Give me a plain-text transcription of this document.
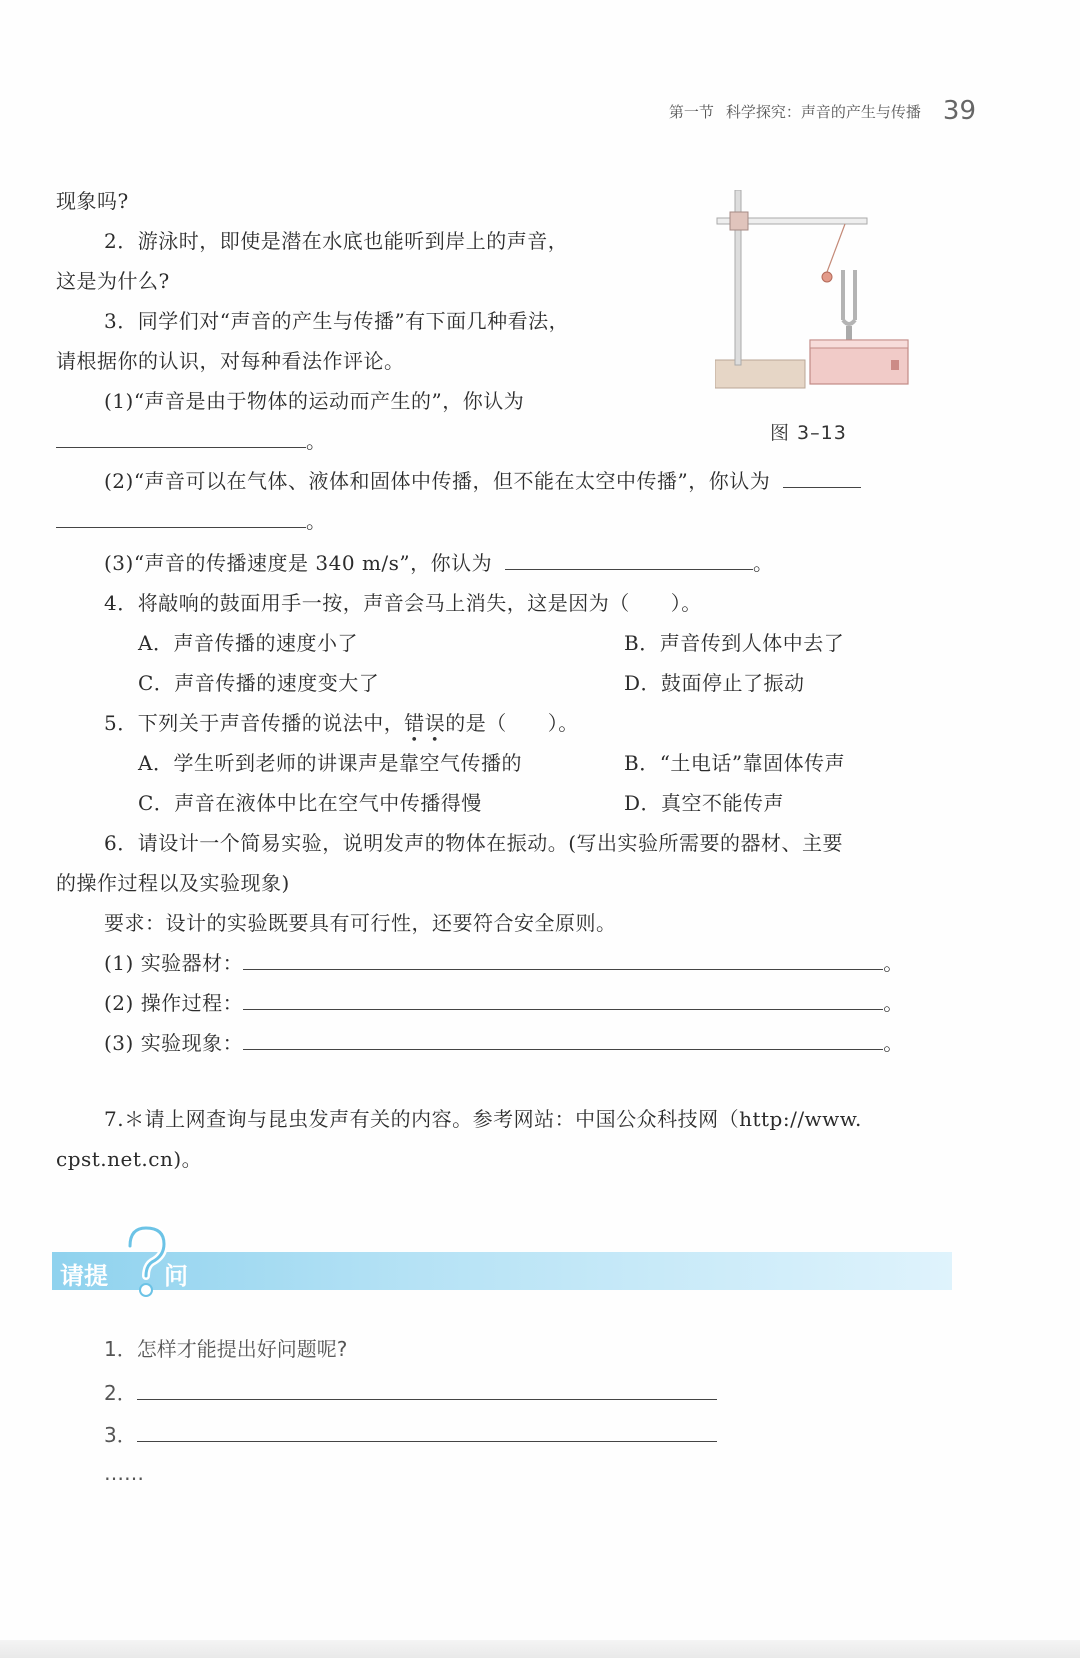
第一节 科学探究：声音的产生与传播 39
现象吗?
2．游泳时，即使是潜在水底也能听到岸上的声音，
这是为什么?
3．同学们对“声音的产生与传播”有下面几种看法，
请根据你的认识，对每种看法作评论。
(1)“声音是由于物体的运动而产生的”，你认为
。	图 3–13
(2)“声音可以在气体、液体和固体中传播，但不能在太空中传播”，你认为
。
(3)“声音的传播速度是 340 m/s”，你认为	。
4．将敲响的鼓面用手一按，声音会马上消失，这是因为（　　）。
A．声音传播的速度小了	B．声音传到人体中去了
C．声音传播的速度变大了	D．鼓面停止了振动
5．下列关于声音传播的说法中，错误的是（　　）。
A．学生听到老师的讲课声是靠空气传播的	B．“土电话”靠固体传声
C．声音在液体中比在空气中传播得慢	D．真空不能传声
6．请设计一个简易实验，说明发声的物体在振动。(写出实验所需要的器材、主要
的操作过程以及实验现象)
要求：设计的实验既要具有可行性，还要符合安全原则。
(1) 实验器材：	。
(2) 操作过程：	。
(3) 实验现象：	。
7.＊请上网查询与昆虫发声有关的内容。参考网站：中国公众科技网（http://www.
cpst.net.cn)。
请提 问
1．怎样才能提出好问题呢?
2．
3．
……
